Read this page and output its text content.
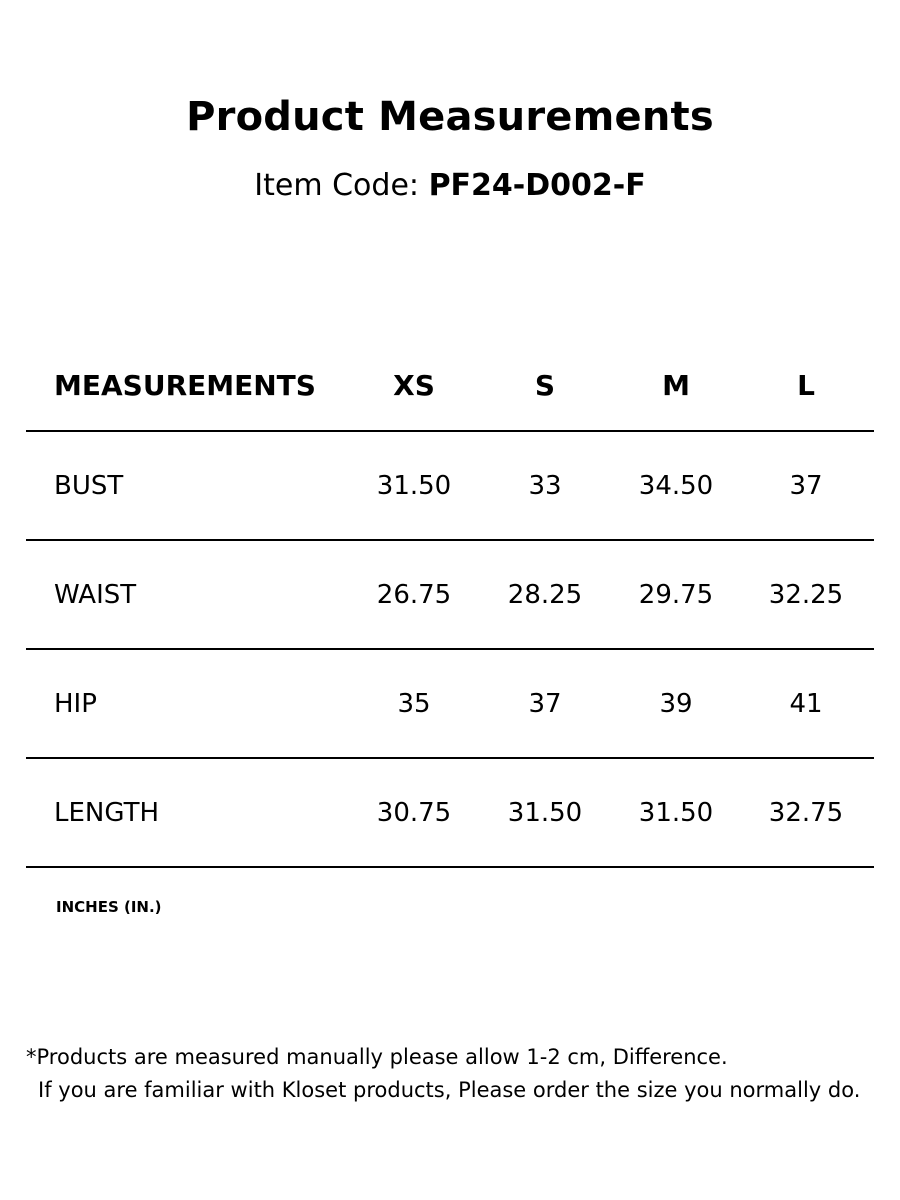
Product Measurements
Item Code: PF24-D002-F
MEASUREMENTS	XS	S	M	L
BUST	31.50	33	34.50	37
WAIST	26.75	28.25	29.75	32.25
HIP	35	37	39	41
LENGTH	30.75	31.50	31.50	32.75
INCHES (IN.)
*Products are measured manually please allow 1-2 cm, Difference.
If you are familiar with Kloset products, Please order the size you normally do.
